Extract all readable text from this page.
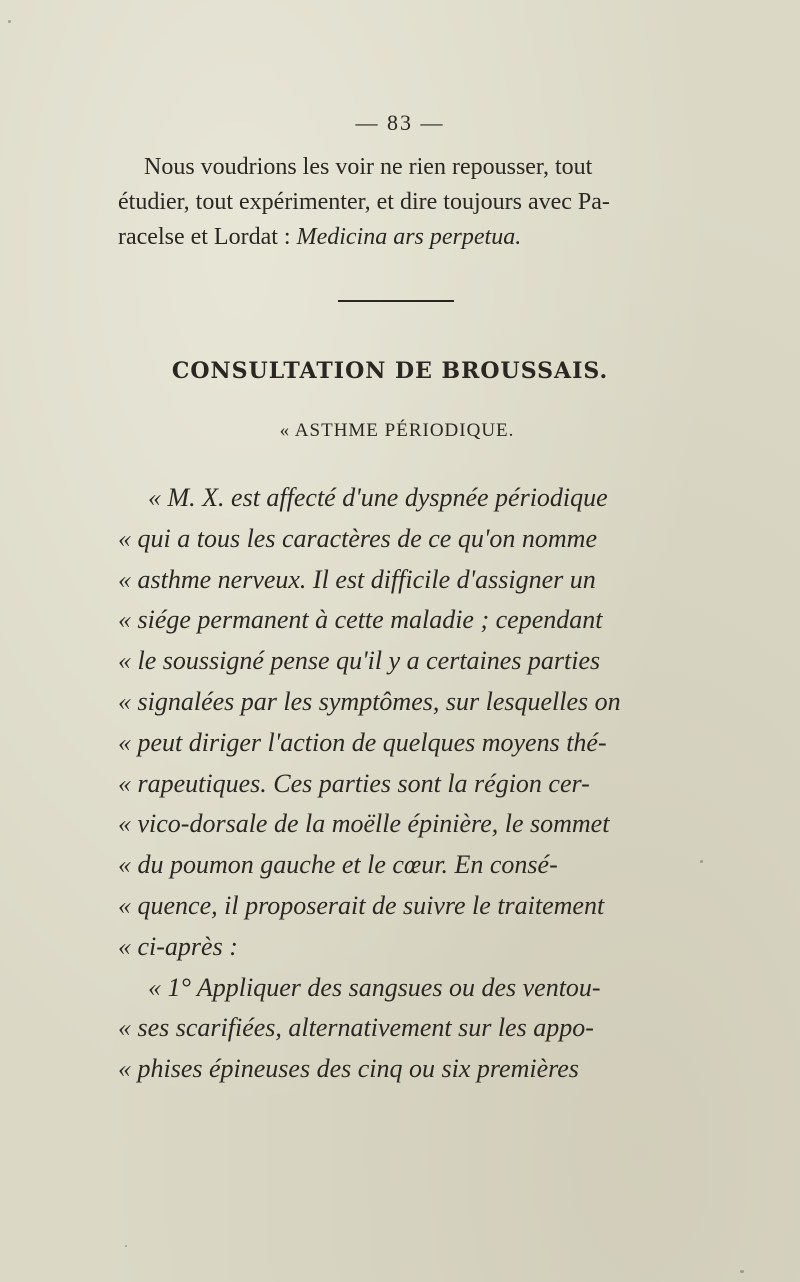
— 83 —
Nous voudrions les voir ne rien repousser, tout
étudier, tout expérimenter, et dire toujours avec Pa-
racelse et Lordat : Medicina ars perpetua.
CONSULTATION DE BROUSSAIS.
« ASTHME PÉRIODIQUE.
« M. X. est affecté d'une dyspnée périodique
« qui a tous les caractères de ce qu'on nomme
« asthme nerveux. Il est difficile d'assigner un
« siége permanent à cette maladie ; cependant
« le soussigné pense qu'il y a certaines parties
« signalées par les symptômes, sur lesquelles on
« peut diriger l'action de quelques moyens thé-
« rapeutiques. Ces parties sont la région cer-
« vico-dorsale de la moëlle épinière, le sommet
« du poumon gauche et le cœur. En consé-
« quence, il proposerait de suivre le traitement
« ci-après :
« 1° Appliquer des sangsues ou des ventou-
« ses scarifiées, alternativement sur les appo-
« phises épineuses des cinq ou six premières
